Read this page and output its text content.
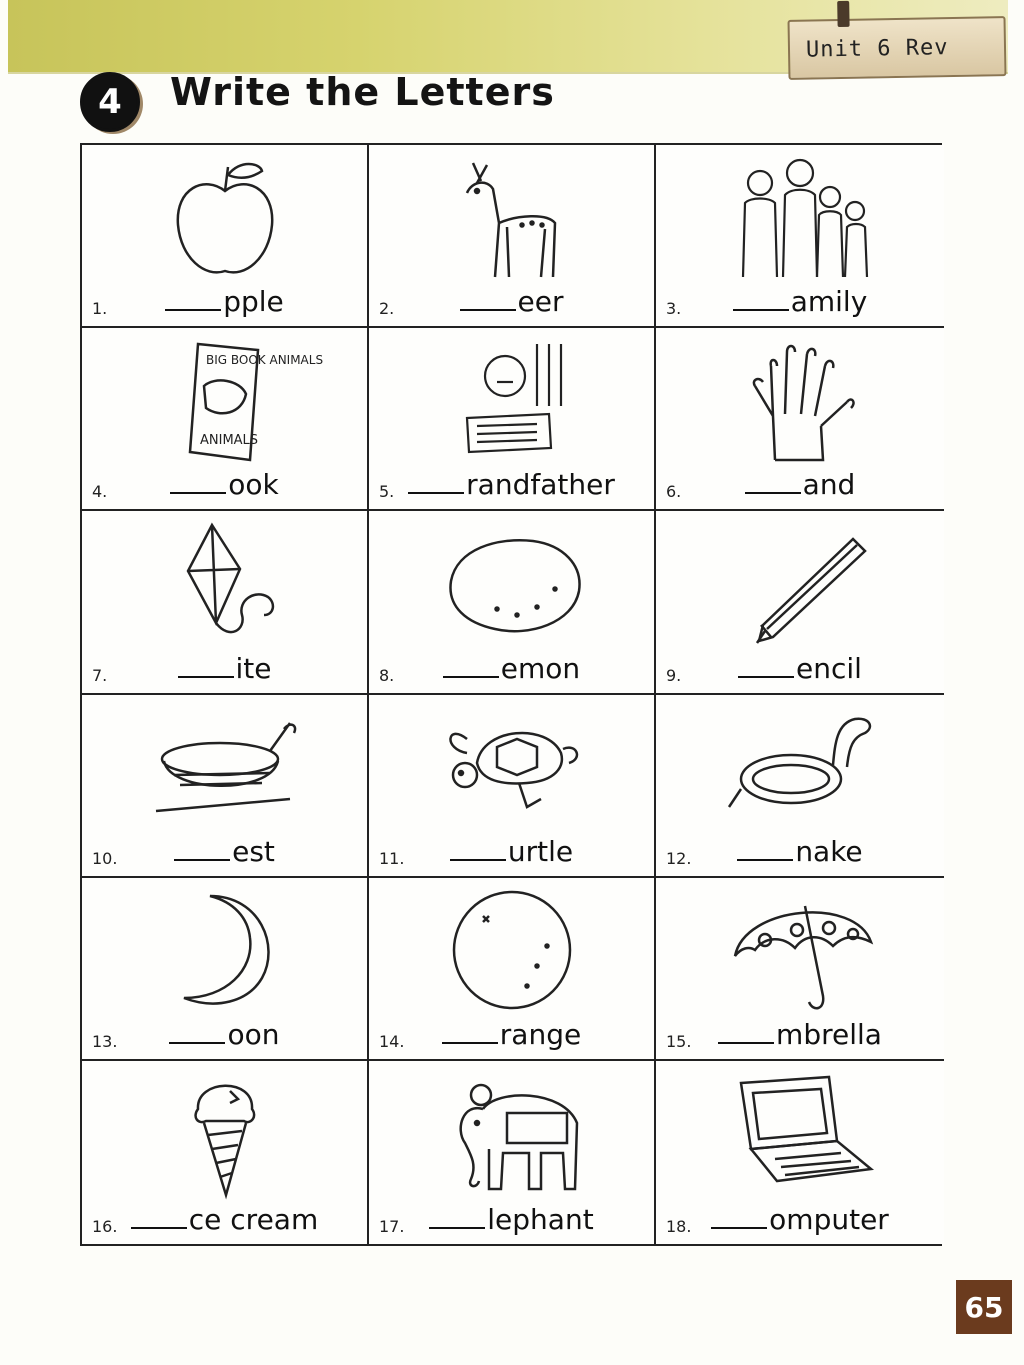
Unit 6 Rev
4	Write the Letters
1.	pple	2.	eer	3.	amily
BIG BOOK ANIMALS
ANIMALS
4.	ook	5.	randfather	6.	and
7.	ite	8.	emon	9.	encil
10.	est	11.	urtle	12.	nake
13.	oon	14.	range	15.	mbrella
16.	ce cream	17.	lephant	18.	omputer
65
